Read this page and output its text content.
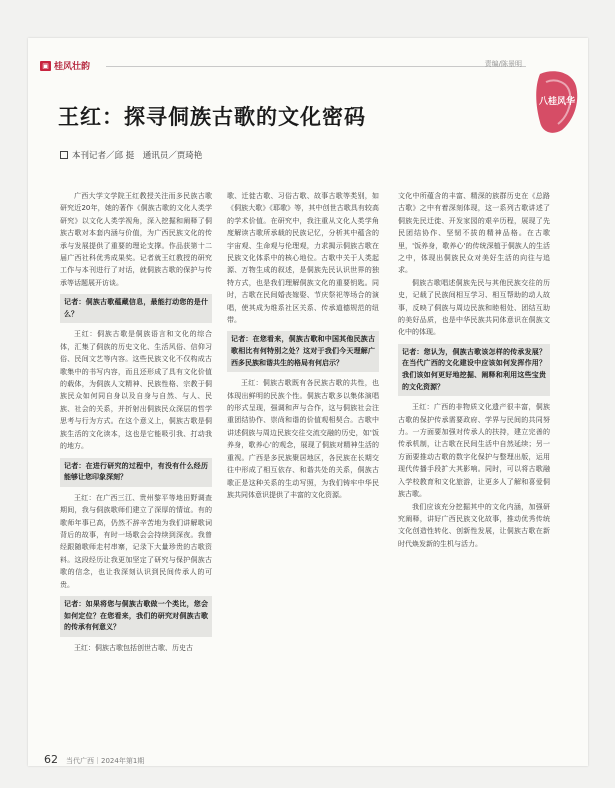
▣ 桂风壮韵	责编/陈景明
八桂风华
王红：探寻侗族古歌的文化密码
本刊记者／邱 挺　通讯员／贾琦艳

广西大学文学院王红教授关注而多民族古歌研究近20年，她的著作《侗族古歌的文化人类学研究》以文化人类学视角，深入挖掘和阐释了侗族古歌对本套内涵与价值，为广西民族文化的传承与发展提供了重要的理论支撑。作品获第十二届广西社科优秀成果奖。记者就王红教授的研究工作与本刊进行了对话，就侗族古歌的保护与传承等话题展开访谈。

记者：侗族古歌蕴藏信息，最能打动您的是什么？

王红：侗族古歌是侗族语言和文化的综合体，汇集了侗族的历史文化、生活风俗、信仰习俗、民间文艺等内容。这些民族文化不仅构成古歌集中的书写内容，而且还形成了具有文化价值的载体，为侗族人文精神、民族性格、宗教于侗族民众如何同自身以及自身与自然、与人、民族、社会的关系，并折射出侗族民众深层的哲学思考与行为方式。在这个意义上，侗族古歌是侗族生活的文化读本，这也是它能吸引我、打动我的地方。

记者：在进行研究的过程中，有没有什么经历能够让您印象深刻？

王红：在广西三江、贵州黎平等地田野调查期间，我与侗族歌师们建立了深厚的情谊。有的歌师年事已高，仍然不辞辛苦地为我们讲解歌词背后的故事，有时一场歌会会持续到深夜。我曾经跟随歌师走村串寨，记录下大量珍贵的古歌资料。这段经历让我更加坚定了研究与保护侗族古歌的信念，也让我深刻认识到民间传承人的可贵。

记者：如果将您与侗族古歌做一个类比，您会如何定位？在您看来，我们的研究对侗族古歌的传承有何意义？

王红：侗族古歌包括创世古歌、历史古

歌、迁徙古歌、习俗古歌、故事古歌等类别，如《侗族大歌》《耶歌》等，其中创世古歌具有较高的学术价值。在研究中，我注重从文化人类学角度解读古歌所承载的民族记忆，分析其中蕴含的宇宙观、生命观与伦理观，力求揭示侗族古歌在民族文化体系中的核心地位。古歌中关于人类起源、万物生成的叙述，是侗族先民认识世界的独特方式，也是我们理解侗族文化的重要钥匙。同时，古歌在民间婚丧嫁娶、节庆祭祀等场合的演唱，使其成为维系社区关系、传承道德规范的纽带。

记者：在您看来，侗族古歌和中国其他民族古歌相比有何特别之处？这对于我们今天理解广西多民族和谐共生的格局有何启示？

王红：侗族古歌既有各民族古歌的共性，也体现出鲜明的民族个性。侗族古歌多以集体演唱的形式呈现，强调和声与合作，这与侗族社会注重团结协作、崇尚和谐的价值观相契合。古歌中讲述侗族与周边民族交往交流交融的历史，如'饭养身，歌养心'的观念，展现了侗族对精神生活的重视。广西是多民族聚居地区，各民族在长期交往中形成了相互依存、和谐共处的关系，侗族古歌正是这种关系的生动写照，为我们铸牢中华民族共同体意识提供了丰富的文化资源。

文化中所蕴含的丰富、精深的族群历史在《总路古歌》之中有着深刻体现，这一系列古歌讲述了侗族先民迁徙、开发家园的艰辛历程，展现了先民团结协作、坚韧不拔的精神品格。在古歌里，'饭养身，歌养心'的传统深植于侗族人的生活之中，体现出侗族民众对美好生活的向往与追求。

侗族古歌唱述侗族先民与其他民族交往的历史，记载了民族间相互学习、相互帮助的动人故事，反映了侗族与周边民族和睦相处、团结互助的美好品质，也是中华民族共同体意识在侗族文化中的体现。

记者：您认为，侗族古歌该怎样的传承发展？在当代广西的文化建设中应该如何发挥作用？我们该如何更好地挖掘、阐释和利用这些宝贵的文化资源？

王红：广西的非物质文化遗产很丰富，侗族古歌的保护传承需要政府、学界与民间的共同努力。一方面要加强对传承人的扶持，建立完善的传承机制，让古歌在民间生活中自然延续；另一方面要推动古歌的数字化保护与整理出版，运用现代传播手段扩大其影响。同时，可以将古歌融入学校教育和文化旅游，让更多人了解和喜爱侗族古歌。

我们应该充分挖掘其中的文化内涵，加强研究阐释，讲好广西民族文化故事，推动优秀传统文化创造性转化、创新性发展，让侗族古歌在新时代焕发新的生机与活力。

62 当代广西｜2024年第1期
